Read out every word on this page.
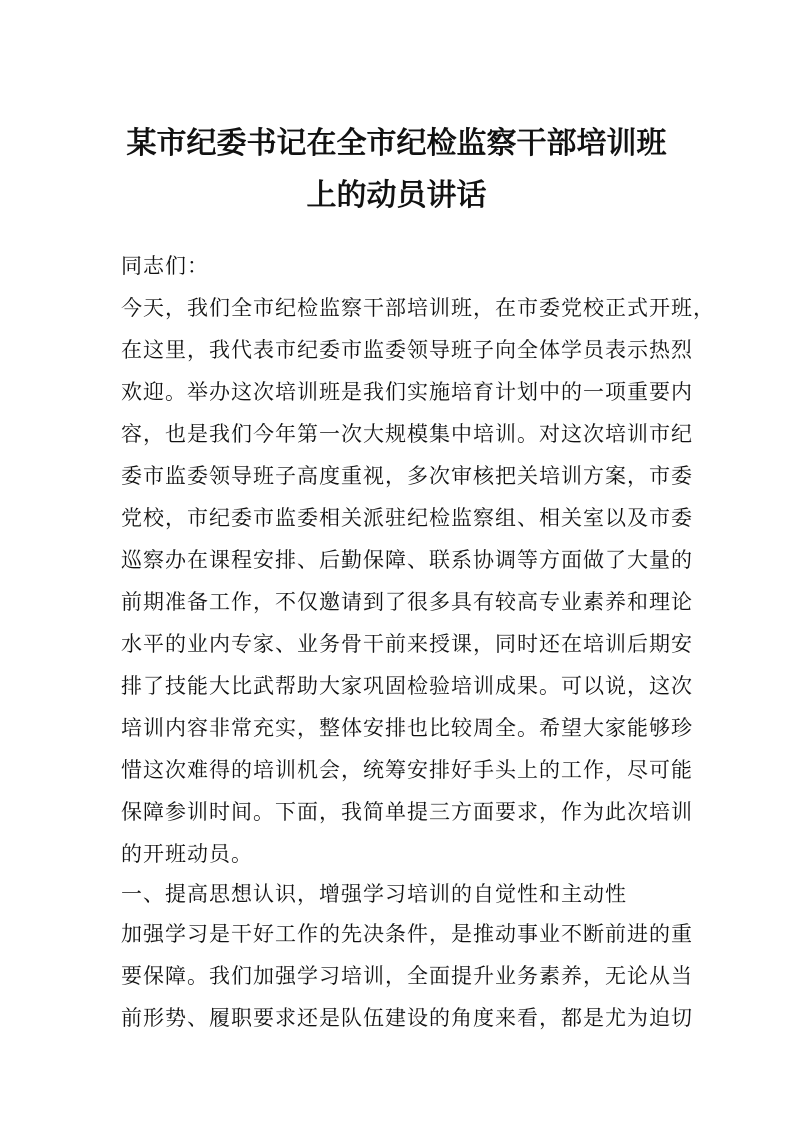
某市纪委书记在全市纪检监察干部培训班
上的动员讲话

同志们：

今天，我们全市纪检监察干部培训班，在市委党校正式开班，

在这里，我代表市纪委市监委领导班子向全体学员表示热烈

欢迎。举办这次培训班是我们实施培育计划中的一项重要内

容，也是我们今年第一次大规模集中培训。对这次培训市纪

委市监委领导班子高度重视，多次审核把关培训方案，市委

党校，市纪委市监委相关派驻纪检监察组、相关室以及市委

巡察办在课程安排、后勤保障、联系协调等方面做了大量的

前期准备工作，不仅邀请到了很多具有较高专业素养和理论

水平的业内专家、业务骨干前来授课，同时还在培训后期安

排了技能大比武帮助大家巩固检验培训成果。可以说，这次

培训内容非常充实，整体安排也比较周全。希望大家能够珍

惜这次难得的培训机会，统筹安排好手头上的工作，尽可能

保障参训时间。下面，我简单提三方面要求，作为此次培训

的开班动员。

一、提高思想认识，增强学习培训的自觉性和主动性

加强学习是干好工作的先决条件，是推动事业不断前进的重

要保障。我们加强学习培训，全面提升业务素养，无论从当

前形势、履职要求还是队伍建设的角度来看，都是尤为迫切
